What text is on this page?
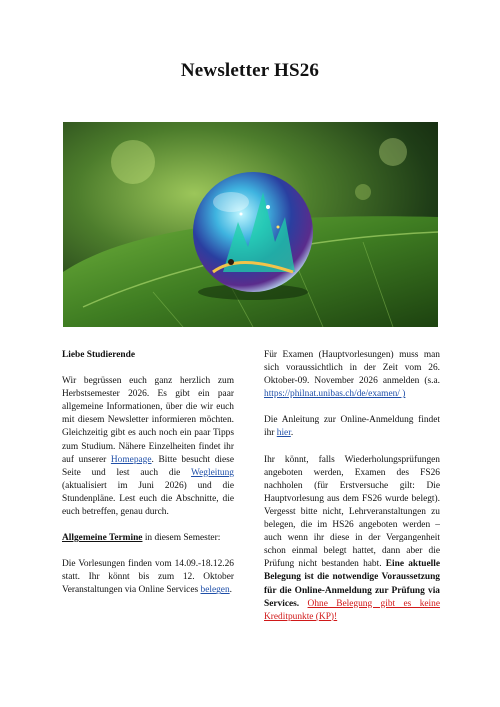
Newsletter HS26

Liebe Studierende

Wir begrüssen euch ganz herzlich zum Herbstsemester 2026. Es gibt ein paar allgemeine Informationen, über die wir euch mit diesem Newsletter informieren möchten. Gleichzeitig gibt es auch noch ein paar Tipps zum Studium. Nähere Einzelheiten findet ihr auf unserer Homepage. Bitte besucht diese Seite und lest auch die Wegleitung (aktualisiert im Juni 2026) und die Stundenpläne. Lest euch die Abschnitte, die euch betreffen, genau durch.

Allgemeine Termine in diesem Semester:

Die Vorlesungen finden vom 14.09.-18.12.26 statt. Ihr könnt bis zum 12. Oktober Veranstaltungen via Online Services belegen.

Für Examen (Hauptvorlesungen) muss man sich voraussichtlich in der Zeit vom 26. Oktober-09. November 2026 anmelden (s.a. https://philnat.unibas.ch/de/examen/ )

Die Anleitung zur Online-Anmeldung findet ihr hier.

Ihr könnt, falls Wiederholungsprüfungen angeboten werden, Examen des FS26 nachholen (für Erstversuche gilt: Die Hauptvorlesung aus dem FS26 wurde belegt). Vergesst bitte nicht, Lehrveranstaltungen zu belegen, die im HS26 angeboten werden – auch wenn ihr diese in der Vergangenheit schon einmal belegt hattet, dann aber die Prüfung nicht bestanden habt. Eine aktuelle Belegung ist die notwendige Voraussetzung für die Online-Anmeldung zur Prüfung via Services. Ohne Belegung gibt es keine Kreditpunkte (KP)!
